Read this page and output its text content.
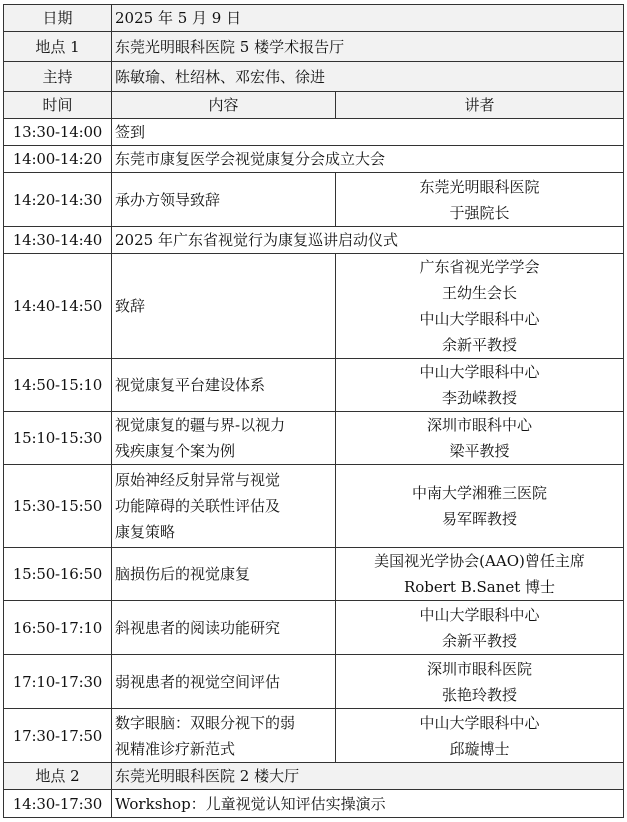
日期	2025 年 5 月 9 日	
地点 1	东莞光明眼科医院 5 楼学术报告厅	
主持	陈敏瑜、杜绍林、邓宏伟、徐进	
时间	内容	讲者
13:30-14:00	签到	
14:00-14:20	东莞市康复医学会视觉康复分会成立大会	
14:20-14:30	承办方领导致辞	东莞光明眼科医院
于强院长

14:30-14:40	2025 年广东省视觉行为康复巡讲启动仪式	
14:40-14:50	致辞	广东省视光学学会
王幼生会长
中山大学眼科中心
余新平教授

14:50-15:10	视觉康复平台建设体系	中山大学眼科中心
李劲嵘教授

15:10-15:30	视觉康复的疆与界-以视力
残疾康复个案为例	深圳市眼科中心
梁平教授

15:30-15:50	原始神经反射异常与视觉
功能障碍的关联性评估及
康复策略	中南大学湘雅三医院
易军晖教授

15:50-16:50	脑损伤后的视觉康复	美国视光学协会(AAO)曾任主席
Robert B.Sanet 博士

16:50-17:10	斜视患者的阅读功能研究	中山大学眼科中心
余新平教授

17:10-17:30	弱视患者的视觉空间评估	深圳市眼科医院
张艳玲教授

17:30-17:50	数字眼脑：双眼分视下的弱
视精准诊疗新范式	中山大学眼科中心
邱璇博士

地点 2	东莞光明眼科医院 2 楼大厅	
14:30-17:30	Workshop：儿童视觉认知评估实操演示	
